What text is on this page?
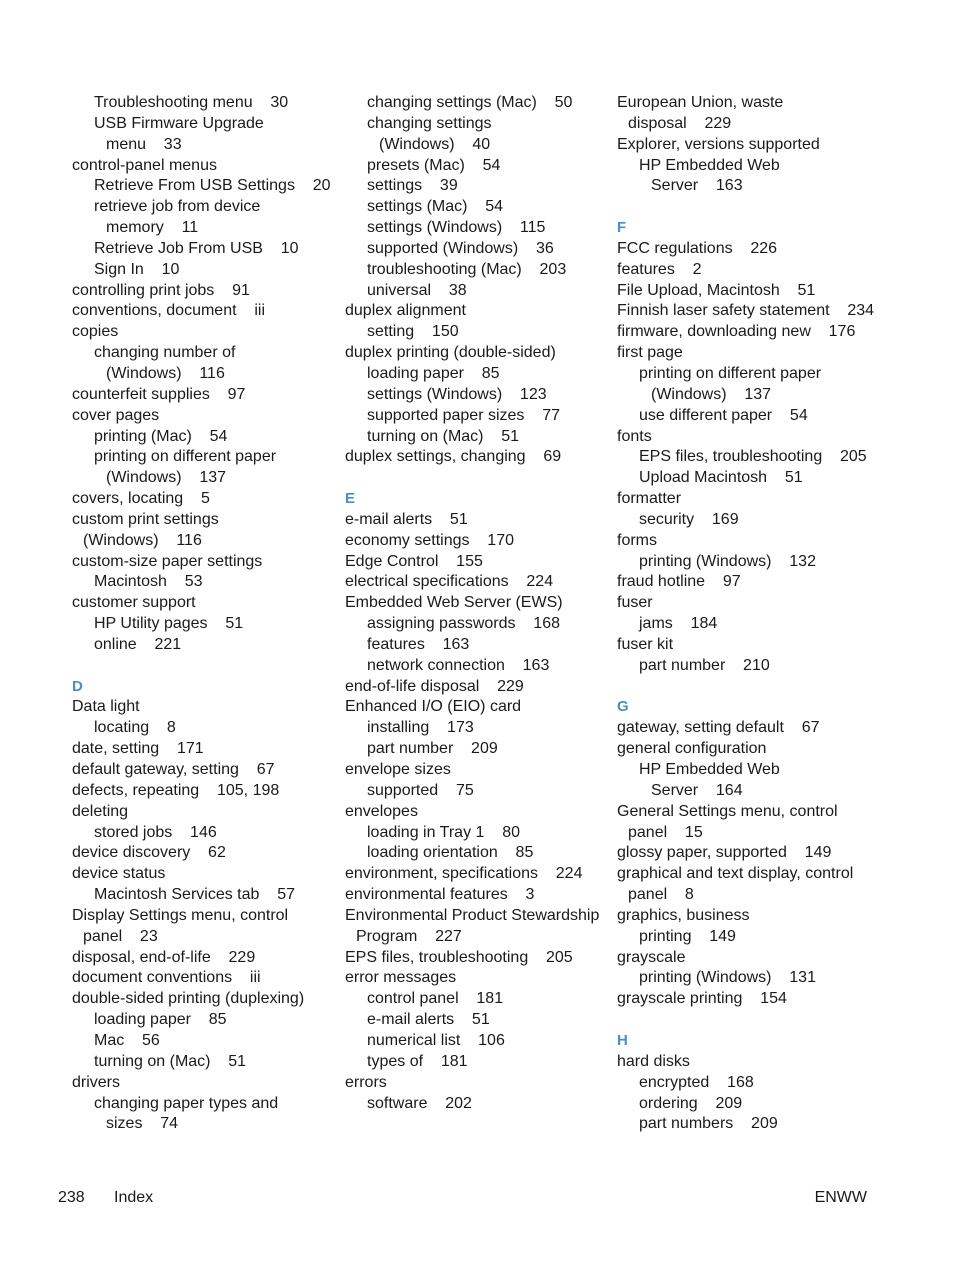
Troubleshooting menu    30
USB Firmware Upgrade
menu    33
control-panel menus
Retrieve From USB Settings    20
retrieve job from device
memory    11
Retrieve Job From USB    10
Sign In    10
controlling print jobs    91
conventions, document    iii
copies
changing number of
(Windows)    116
counterfeit supplies    97
cover pages
printing (Mac)    54
printing on different paper
(Windows)    137
covers, locating    5
custom print settings
(Windows)    116
custom-size paper settings
Macintosh    53
customer support
HP Utility pages    51
online    221
D
Data light
locating    8
date, setting    171
default gateway, setting    67
defects, repeating    105, 198
deleting
stored jobs    146
device discovery    62
device status
Macintosh Services tab    57
Display Settings menu, control
panel    23
disposal, end-of-life    229
document conventions    iii
double-sided printing (duplexing)
loading paper    85
Mac    56
turning on (Mac)    51
drivers
changing paper types and
sizes    74
changing settings (Mac)    50
changing settings
(Windows)    40
presets (Mac)    54
settings    39
settings (Mac)    54
settings (Windows)    115
supported (Windows)    36
troubleshooting (Mac)    203
universal    38
duplex alignment
setting    150
duplex printing (double-sided)
loading paper    85
settings (Windows)    123
supported paper sizes    77
turning on (Mac)    51
duplex settings, changing    69
E
e-mail alerts    51
economy settings    170
Edge Control    155
electrical specifications    224
Embedded Web Server (EWS)
assigning passwords    168
features    163
network connection    163
end-of-life disposal    229
Enhanced I/O (EIO) card
installing    173
part number    209
envelope sizes
supported    75
envelopes
loading in Tray 1    80
loading orientation    85
environment, specifications    224
environmental features    3
Environmental Product Stewardship
Program    227
EPS files, troubleshooting    205
error messages
control panel    181
e-mail alerts    51
numerical list    106
types of    181
errors
software    202
European Union, waste
disposal    229
Explorer, versions supported
HP Embedded Web
Server    163
F
FCC regulations    226
features    2
File Upload, Macintosh    51
Finnish laser safety statement    234
firmware, downloading new    176
first page
printing on different paper
(Windows)    137
use different paper    54
fonts
EPS files, troubleshooting    205
Upload Macintosh    51
formatter
security    169
forms
printing (Windows)    132
fraud hotline    97
fuser
jams    184
fuser kit
part number    210
G
gateway, setting default    67
general configuration
HP Embedded Web
Server    164
General Settings menu, control
panel    15
glossy paper, supported    149
graphical and text display, control
panel    8
graphics, business
printing    149
grayscale
printing (Windows)    131
grayscale printing    154
H
hard disks
encrypted    168
ordering    209
part numbers    209
238 Index	ENWW
